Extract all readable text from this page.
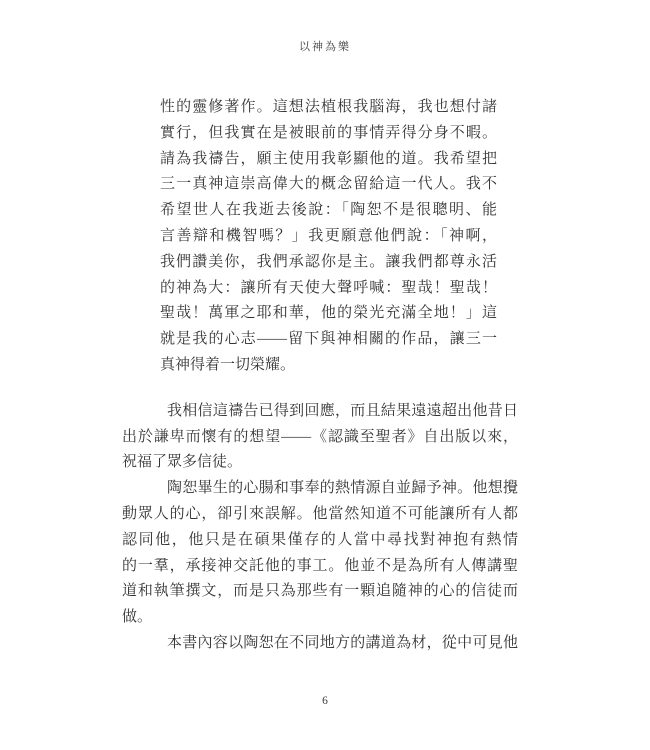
以神為樂
性的靈修著作。這想法植根我腦海，我也想付諸
實行，但我實在是被眼前的事情弄得分身不暇。
請為我禱告，願主使用我彰顯他的道。我希望把
三一真神這崇高偉大的概念留給這一代人。我不
希望世人在我逝去後說：「陶恕不是很聰明、能
言善辯和機智嗎？」我更願意他們說：「神啊，
我們讚美你，我們承認你是主。讓我們都尊永活
的神為大：讓所有天使大聲呼喊：聖哉！聖哉！
聖哉！萬軍之耶和華，他的榮光充滿全地！」這
就是我的心志——留下與神相關的作品，讓三一
真神得着一切榮耀。
我相信這禱告已得到回應，而且結果遠遠超出他昔日
出於謙卑而懷有的想望——《認識至聖者》自出版以來，
祝福了眾多信徒。
陶恕畢生的心腸和事奉的熱情源自並歸予神。他想攪
動眾人的心，卻引來誤解。他當然知道不可能讓所有人都
認同他，他只是在碩果僅存的人當中尋找對神抱有熱情
的一羣，承接神交託他的事工。他並不是為所有人傳講聖
道和執筆撰文，而是只為那些有一顆追隨神的心的信徒而
做。
本書內容以陶恕在不同地方的講道為材，從中可見他
6
